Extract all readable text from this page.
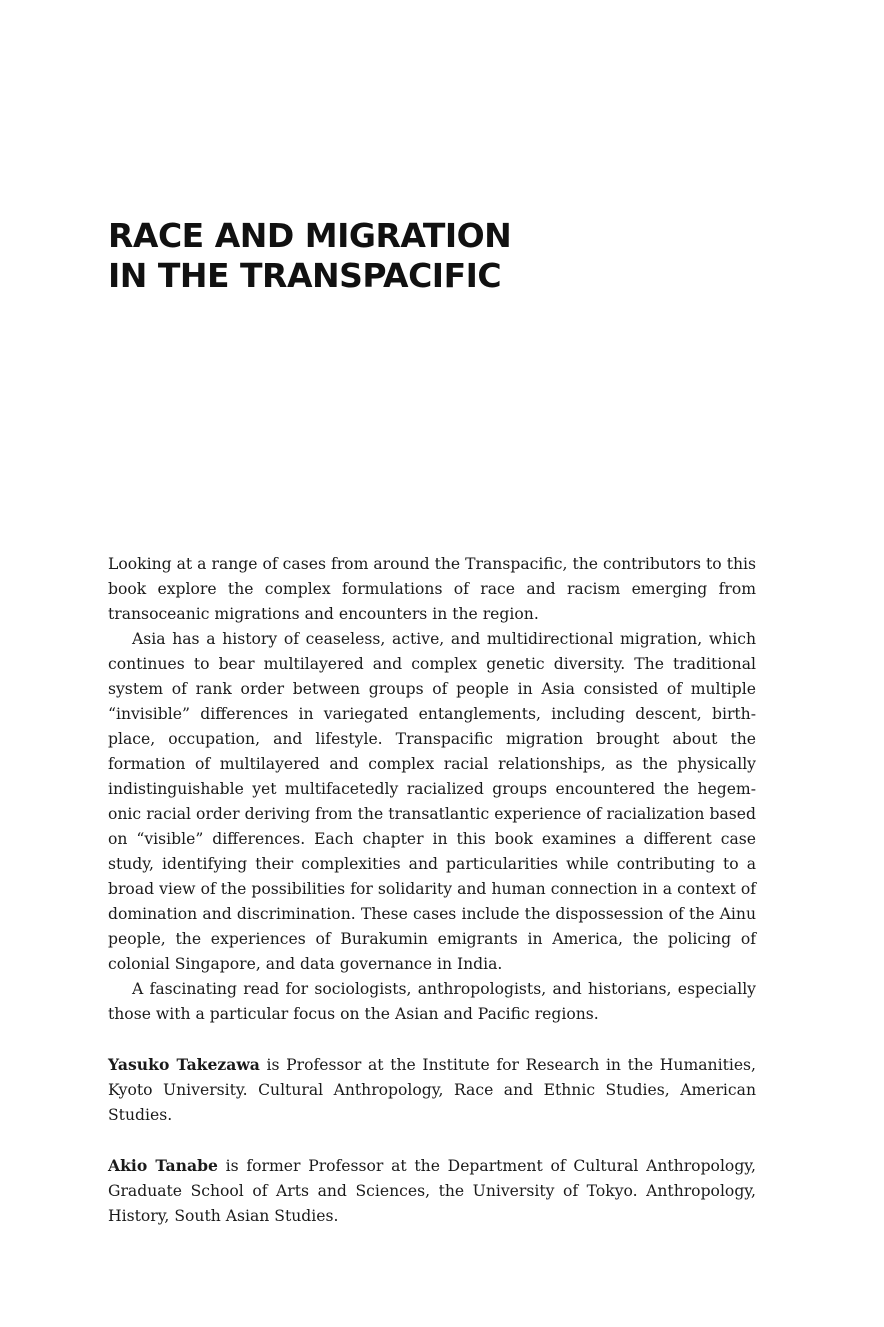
RACE AND MIGRATION
IN THE TRANSPACIFIC

Looking at a range of cases from around the Transpacific, the contributors to this book explore the complex formulations of race and racism emerging from transoceanic migrations and encounters in the region.

Asia has a history of ceaseless, active, and multidirectional migration, which continues to bear multilayered and complex genetic diversity. The traditional system of rank order between groups of people in Asia consisted of multiple “invisible” differences in variegated entanglements, including descent, birthplace, occupation, and lifestyle. Transpacific migration brought about the formation of multilayered and complex racial relationships, as the physically indistinguishable yet multifacetedly racialized groups encountered the hegemonic racial order deriving from the transatlantic experience of racialization based on “visible” differences. Each chapter in this book examines a different case study, identifying their complexities and particularities while contributing to a broad view of the possibilities for solidarity and human connection in a context of domination and discrimination. These cases include the dispossession of the Ainu people, the experiences of Burakumin emigrants in America, the policing of colonial Singapore, and data governance in India.

A fascinating read for sociologists, anthropologists, and historians, especially those with a particular focus on the Asian and Pacific regions.

Yasuko Takezawa is Professor at the Institute for Research in the Humanities, Kyoto University. Cultural Anthropology, Race and Ethnic Studies, American Studies.

Akio Tanabe is former Professor at the Department of Cultural Anthropology, Graduate School of Arts and Sciences, the University of Tokyo. Anthropology, History, South Asian Studies.
